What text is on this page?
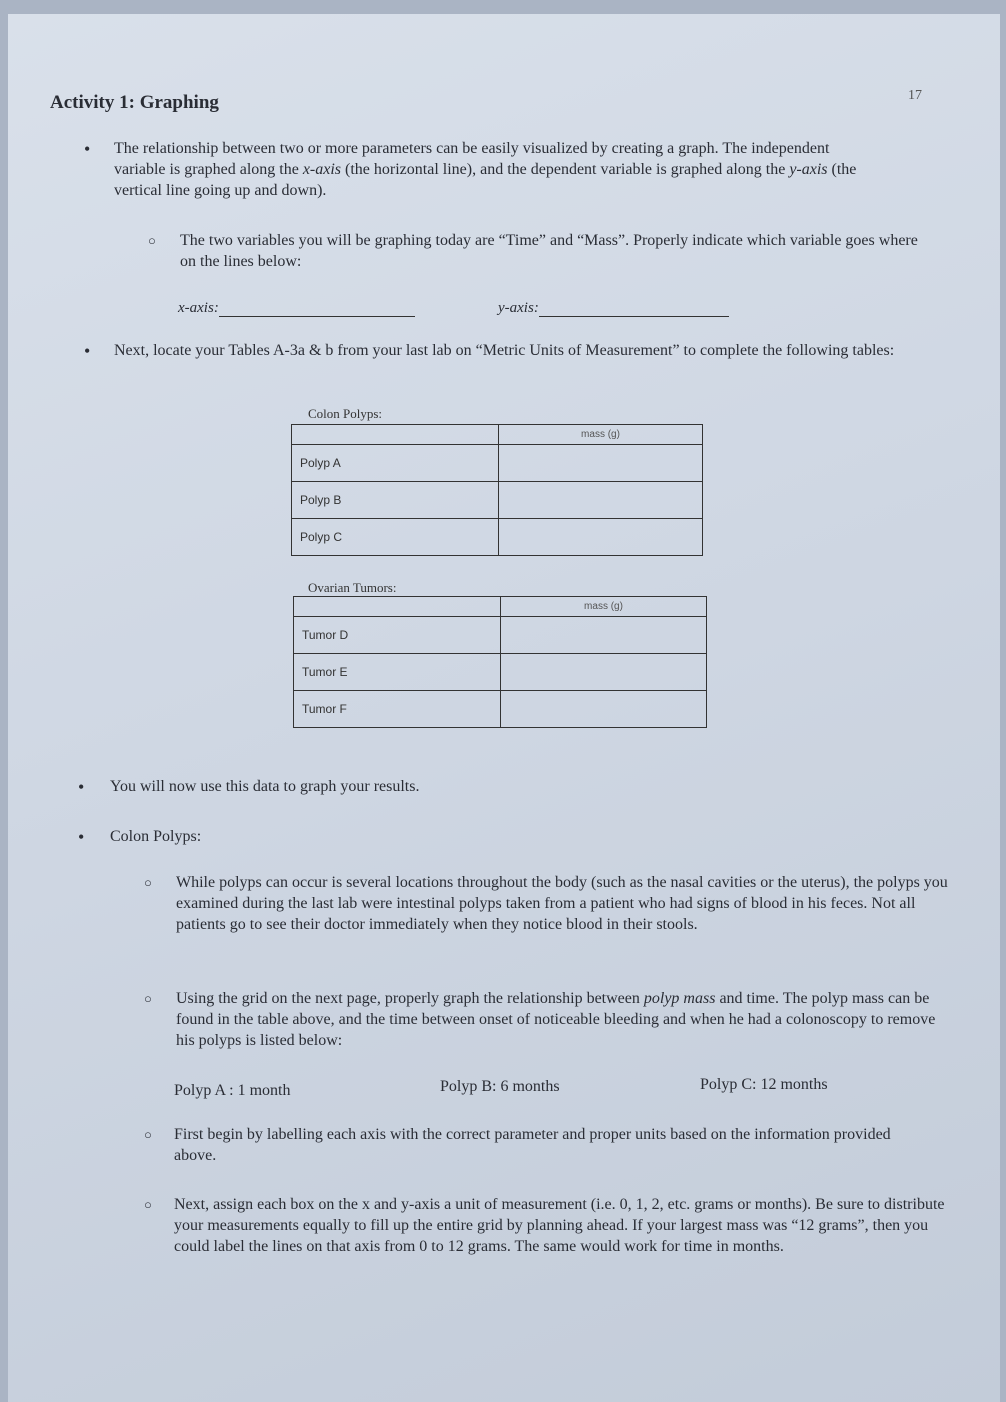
17
Activity 1: Graphing
• The relationship between two or more parameters can be easily visualized by creating a graph. The independent variable is graphed along the x-axis (the horizontal line), and the dependent variable is graphed along the y-axis (the vertical line going up and down).

○ The two variables you will be graphing today are “Time” and “Mass”. Properly indicate which variable goes where on the lines below:

x-axis:	y-axis:
• Next, locate your Tables A-3a & b from your last lab on “Metric Units of Measurement” to complete the following tables:

Colon Polyps:
	mass (g)
Polyp A	
Polyp B	
Polyp C	
Ovarian Tumors:
	mass (g)
Tumor D	
Tumor E	
Tumor F	
• You will now use this data to graph your results.

• Colon Polyps:

○ While polyps can occur is several locations throughout the body (such as the nasal cavities or the uterus), the polyps you examined during the last lab were intestinal polyps taken from a patient who had signs of blood in his feces. Not all patients go to see their doctor immediately when they notice blood in their stools.

○ Using the grid on the next page, properly graph the relationship between polyp mass and time. The polyp mass can be found in the table above, and the time between onset of noticeable bleeding and when he had a colonoscopy to remove his polyps is listed below:

Polyp A : 1 month	Polyp B: 6 months	Polyp C: 12 months
○ First begin by labelling each axis with the correct parameter and proper units based on the information provided above.

○ Next, assign each box on the x and y-axis a unit of measurement (i.e. 0, 1, 2, etc. grams or months). Be sure to distribute your measurements equally to fill up the entire grid by planning ahead. If your largest mass was “12 grams”, then you could label the lines on that axis from 0 to 12 grams. The same would work for time in months.
